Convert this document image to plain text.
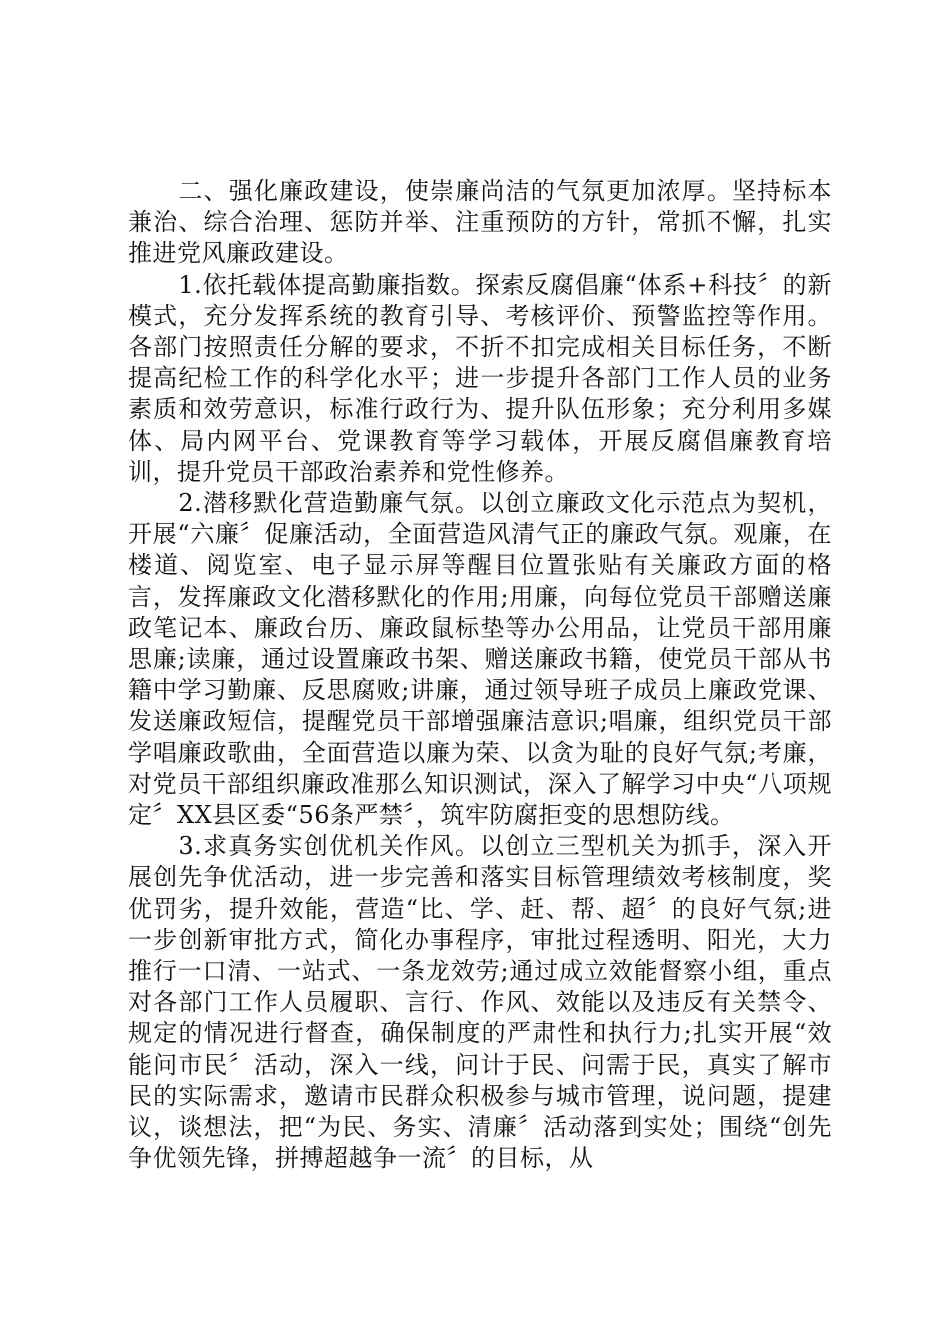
二、强化廉政建设，使崇廉尚洁的气氛更加浓厚。坚持标本兼治、综合治理、惩防并举、注重预防的方针，常抓不懈，扎实推进党风廉政建设。

1.依托载体提高勤廉指数。探索反腐倡廉“体系+科技〞的新模式，充分发挥系统的教育引导、考核评价、预警监控等作用。各部门按照责任分解的要求，不折不扣完成相关目标任务，不断提高纪检工作的科学化水平；进一步提升各部门工作人员的业务素质和效劳意识，标准行政行为、提升队伍形象；充分利用多媒体、局内网平台、党课教育等学习载体，开展反腐倡廉教育培训，提升党员干部政治素养和党性修养。

2.潜移默化营造勤廉气氛。以创立廉政文化示范点为契机，开展“六廉〞促廉活动，全面营造风清气正的廉政气氛。观廉，在楼道、阅览室、电子显示屏等醒目位置张贴有关廉政方面的格言，发挥廉政文化潜移默化的作用;用廉，向每位党员干部赠送廉政笔记本、廉政台历、廉政鼠标垫等办公用品，让党员干部用廉思廉;读廉，通过设置廉政书架、赠送廉政书籍，使党员干部从书籍中学习勤廉、反思腐败;讲廉，通过领导班子成员上廉政党课、发送廉政短信，提醒党员干部增强廉洁意识;唱廉，组织党员干部学唱廉政歌曲，全面营造以廉为荣、以贪为耻的良好气氛;考廉，对党员干部组织廉政准那么知识测试，深入了解学习中央“八项规定〞XX县区委“56条严禁〞，筑牢防腐拒变的思想防线。

3.求真务实创优机关作风。以创立三型机关为抓手，深入开展创先争优活动，进一步完善和落实目标管理绩效考核制度，奖优罚劣，提升效能，营造“比、学、赶、帮、超〞的良好气氛;进一步创新审批方式，简化办事程序，审批过程透明、阳光，大力推行一口清、一站式、一条龙效劳;通过成立效能督察小组，重点对各部门工作人员履职、言行、作风、效能以及违反有关禁令、规定的情况进行督查，确保制度的严肃性和执行力;扎实开展“效能问市民〞活动，深入一线，问计于民、问需于民，真实了解市民的实际需求，邀请市民群众积极参与城市管理，说问题，提建议，谈想法，把“为民、务实、清廉〞活动落到实处；围绕“创先争优领先锋，拼搏超越争一流〞的目标，从
